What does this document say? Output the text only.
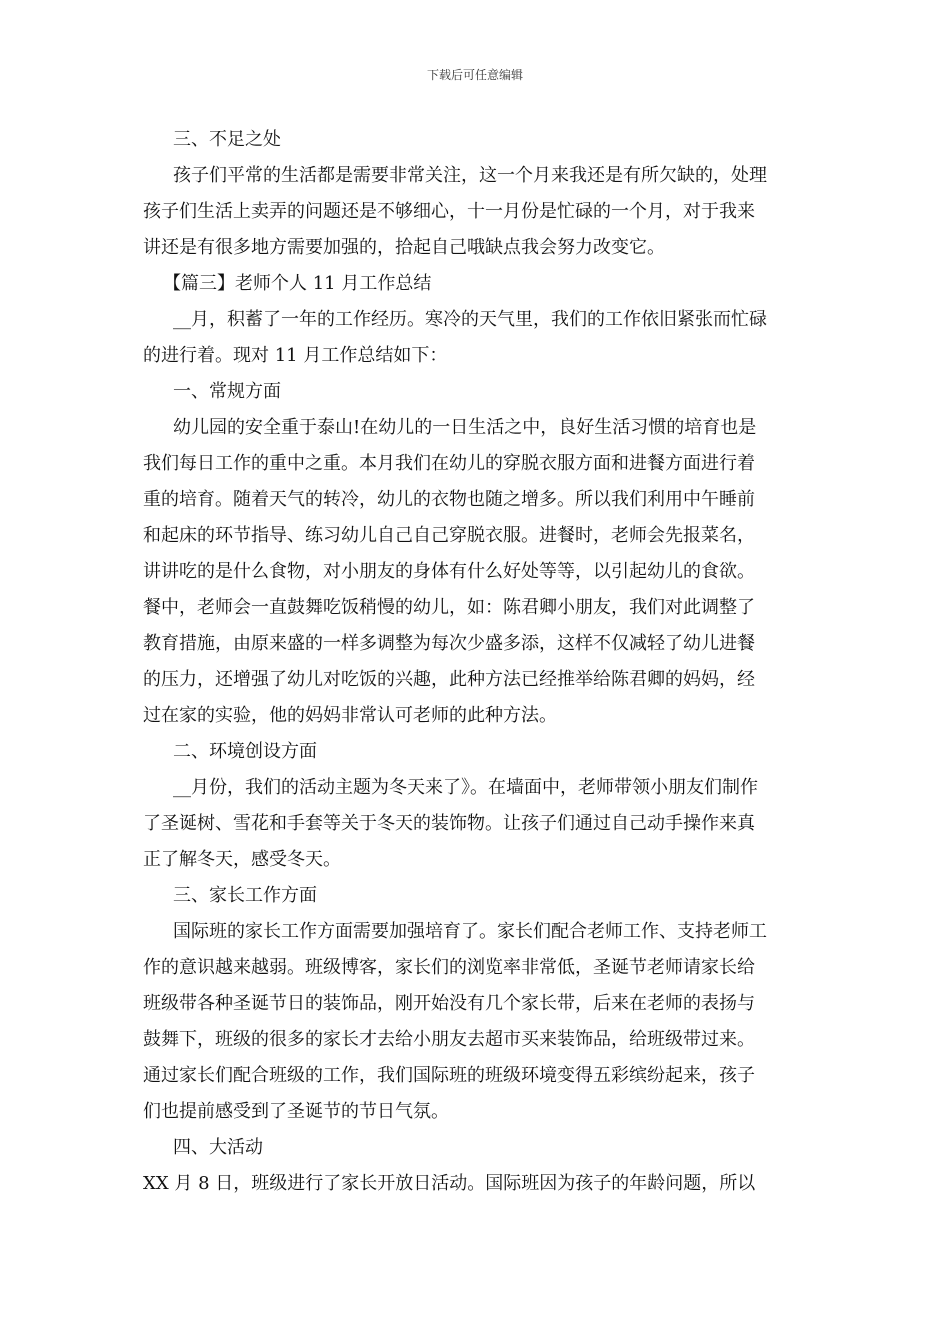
下载后可任意编辑
三、不足之处
孩子们平常的生活都是需要非常关注，这一个月来我还是有所欠缺的，处理
孩子们生活上卖弄的问题还是不够细心，十一月份是忙碌的一个月，对于我来
讲还是有很多地方需要加强的，拾起自己哦缺点我会努力改变它。
【篇三】老师个人 11 月工作总结
__月，积蓄了一年的工作经历。寒冷的天气里，我们的工作依旧紧张而忙碌
的进行着。现对 11 月工作总结如下：
一、常规方面
幼儿园的安全重于泰山!在幼儿的一日生活之中，良好生活习惯的培育也是
我们每日工作的重中之重。本月我们在幼儿的穿脱衣服方面和进餐方面进行着
重的培育。随着天气的转冷，幼儿的衣物也随之增多。所以我们利用中午睡前
和起床的环节指导、练习幼儿自己自己穿脱衣服。进餐时，老师会先报菜名，
讲讲吃的是什么食物，对小朋友的身体有什么好处等等，以引起幼儿的食欲。
餐中，老师会一直鼓舞吃饭稍慢的幼儿，如：陈君卿小朋友，我们对此调整了
教育措施，由原来盛的一样多调整为每次少盛多添，这样不仅减轻了幼儿进餐
的压力，还增强了幼儿对吃饭的兴趣，此种方法已经推举给陈君卿的妈妈，经
过在家的实验，他的妈妈非常认可老师的此种方法。
二、环境创设方面
__月份，我们的活动主题为冬天来了》。在墙面中，老师带领小朋友们制作
了圣诞树、雪花和手套等关于冬天的装饰物。让孩子们通过自己动手操作来真
正了解冬天，感受冬天。
三、家长工作方面
国际班的家长工作方面需要加强培育了。家长们配合老师工作、支持老师工
作的意识越来越弱。班级博客，家长们的浏览率非常低，圣诞节老师请家长给
班级带各种圣诞节日的装饰品，刚开始没有几个家长带，后来在老师的表扬与
鼓舞下，班级的很多的家长才去给小朋友去超市买来装饰品，给班级带过来。
通过家长们配合班级的工作，我们国际班的班级环境变得五彩缤纷起来，孩子
们也提前感受到了圣诞节的节日气氛。
四、大活动
XX 月 8 日，班级进行了家长开放日活动。国际班因为孩子的年龄问题，所以
